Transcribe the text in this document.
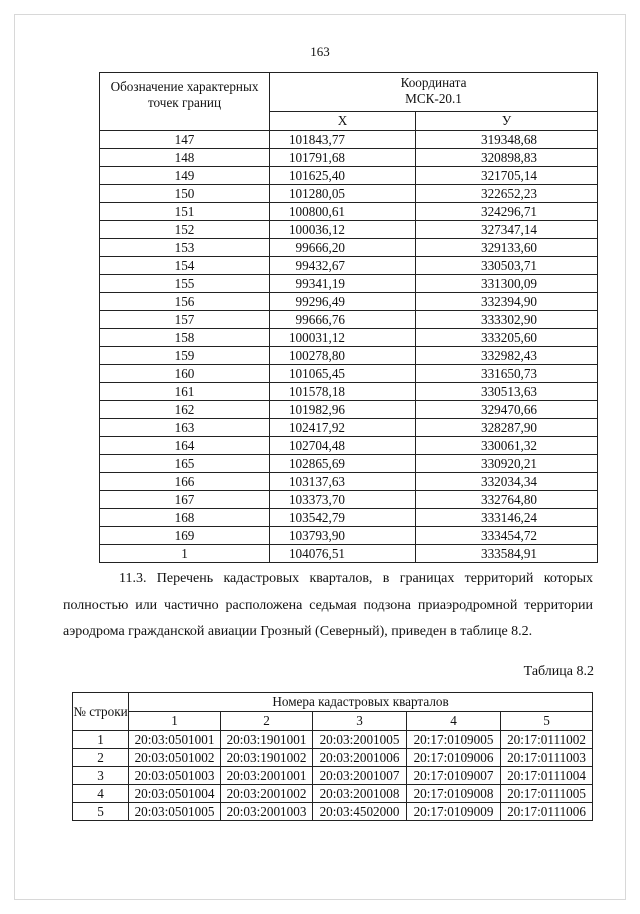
163
Обозначение характерных точек границ	Координата
МСК-20.1	

	X	У
147	101843,77	319348,68
148	101791,68	320898,83
149	101625,40	321705,14
150	101280,05	322652,23
151	100800,61	324296,71
152	100036,12	327347,14
153	99666,20	329133,60
154	99432,67	330503,71
155	99341,19	331300,09
156	99296,49	332394,90
157	99666,76	333302,90
158	100031,12	333205,60
159	100278,80	332982,43
160	101065,45	331650,73
161	101578,18	330513,63
162	101982,96	329470,66
163	102417,92	328287,90
164	102704,48	330061,32
165	102865,69	330920,21
166	103137,63	332034,34
167	103373,70	332764,80
168	103542,79	333146,24
169	103793,90	333454,72
1	104076,51	333584,91
11.3. Перечень кадастровых кварталов, в границах территорий которых полностью или частично расположена седьмая подзона приаэродромной территории аэродрома гражданской авиации Грозный (Северный), приведен в таблице 8.2.
Таблица 8.2
№ строки	Номера кадастровых кварталов				
	1	2	3	4	5
1	20:03:0501001	20:03:1901001	20:03:2001005	20:17:0109005	20:17:0111002
2	20:03:0501002	20:03:1901002	20:03:2001006	20:17:0109006	20:17:0111003
3	20:03:0501003	20:03:2001001	20:03:2001007	20:17:0109007	20:17:0111004
4	20:03:0501004	20:03:2001002	20:03:2001008	20:17:0109008	20:17:0111005
5	20:03:0501005	20:03:2001003	20:03:4502000	20:17:0109009	20:17:0111006
